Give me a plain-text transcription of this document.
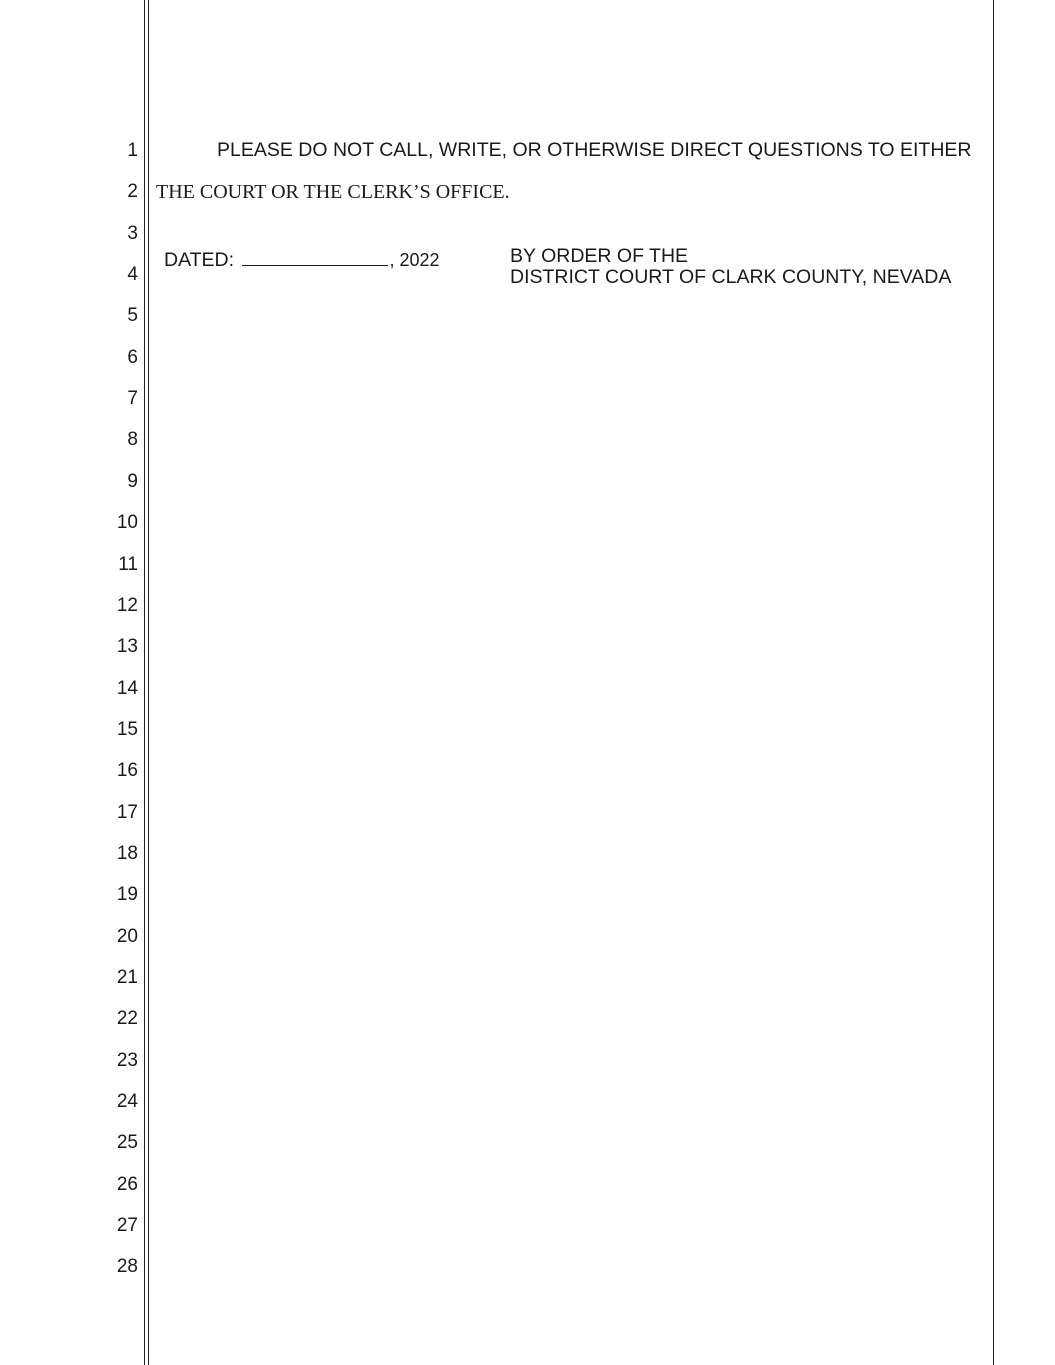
1
2
3
4
5
6
7
8
9
10
11
12
13
14
15
16
17
18
19
20
21
22
23
24
25
26
27
28
PLEASE DO NOT CALL, WRITE, OR OTHERWISE DIRECT QUESTIONS TO EITHER
THE COURT OR THE CLERK’S OFFICE.
DATED:	, 2022	BY ORDER OF THE
DISTRICT COURT OF CLARK COUNTY, NEVADA
